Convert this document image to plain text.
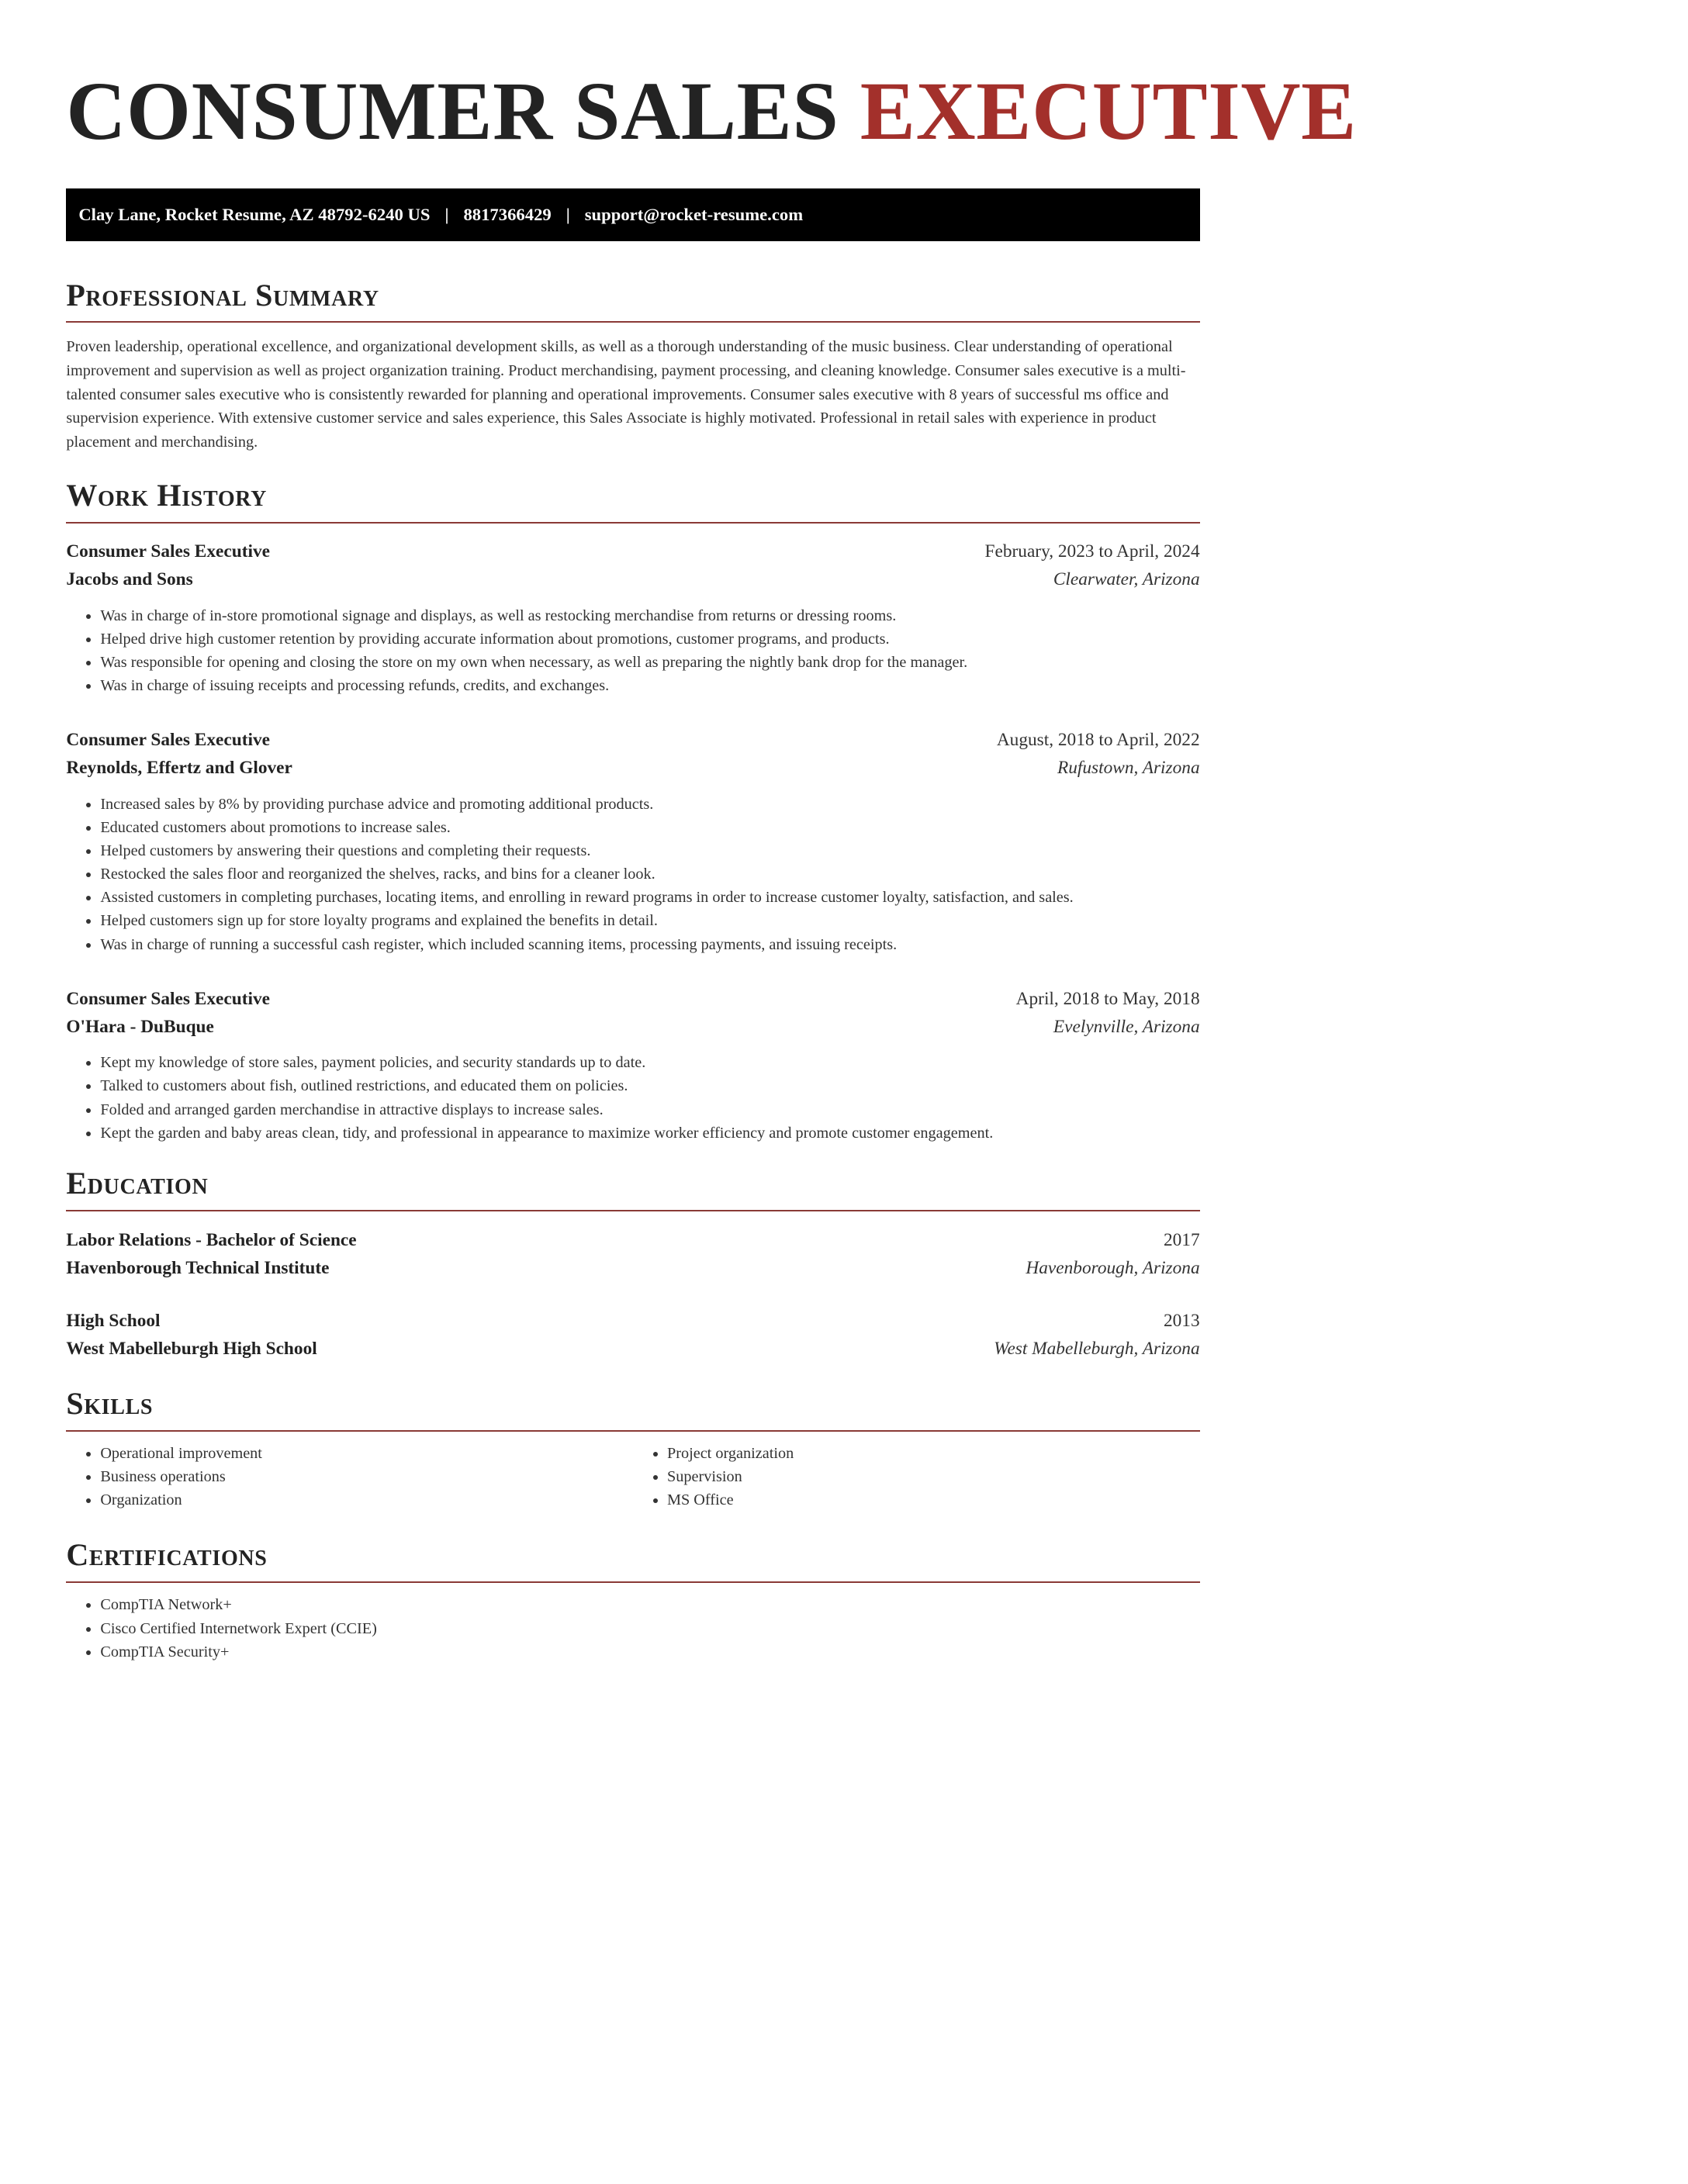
CONSUMER SALES EXECUTIVE
Clay Lane, Rocket Resume, AZ 48792-6240 US | 8817366429 | support@rocket-resume.com
Professional Summary
Proven leadership, operational excellence, and organizational development skills, as well as a thorough understanding of the music business. Clear understanding of operational improvement and supervision as well as project organization training. Product merchandising, payment processing, and cleaning knowledge. Consumer sales executive is a multi-talented consumer sales executive who is consistently rewarded for planning and operational improvements. Consumer sales executive with 8 years of successful ms office and supervision experience. With extensive customer service and sales experience, this Sales Associate is highly motivated. Professional in retail sales with experience in product placement and merchandising.
Work History
Consumer Sales Executive	February, 2023 to April, 2024
Jacobs and Sons	Clearwater, Arizona
• Was in charge of in-store promotional signage and displays, as well as restocking merchandise from returns or dressing rooms.
• Helped drive high customer retention by providing accurate information about promotions, customer programs, and products.
• Was responsible for opening and closing the store on my own when necessary, as well as preparing the nightly bank drop for the manager.
• Was in charge of issuing receipts and processing refunds, credits, and exchanges.
Consumer Sales Executive	August, 2018 to April, 2022
Reynolds, Effertz and Glover	Rufustown, Arizona
• Increased sales by 8% by providing purchase advice and promoting additional products.
• Educated customers about promotions to increase sales.
• Helped customers by answering their questions and completing their requests.
• Restocked the sales floor and reorganized the shelves, racks, and bins for a cleaner look.
• Assisted customers in completing purchases, locating items, and enrolling in reward programs in order to increase customer loyalty, satisfaction, and sales.
• Helped customers sign up for store loyalty programs and explained the benefits in detail.
• Was in charge of running a successful cash register, which included scanning items, processing payments, and issuing receipts.
Consumer Sales Executive	April, 2018 to May, 2018
O'Hara - DuBuque	Evelynville, Arizona
• Kept my knowledge of store sales, payment policies, and security standards up to date.
• Talked to customers about fish, outlined restrictions, and educated them on policies.
• Folded and arranged garden merchandise in attractive displays to increase sales.
• Kept the garden and baby areas clean, tidy, and professional in appearance to maximize worker efficiency and promote customer engagement.
Education
Labor Relations - Bachelor of Science	2017
Havenborough Technical Institute	Havenborough, Arizona
High School	2013
West Mabelleburgh High School	West Mabelleburgh, Arizona
Skills
• Operational improvement
• Business operations
• Organization
• Project organization
• Supervision
• MS Office
Certifications
• CompTIA Network+
• Cisco Certified Internetwork Expert (CCIE)
• CompTIA Security+
